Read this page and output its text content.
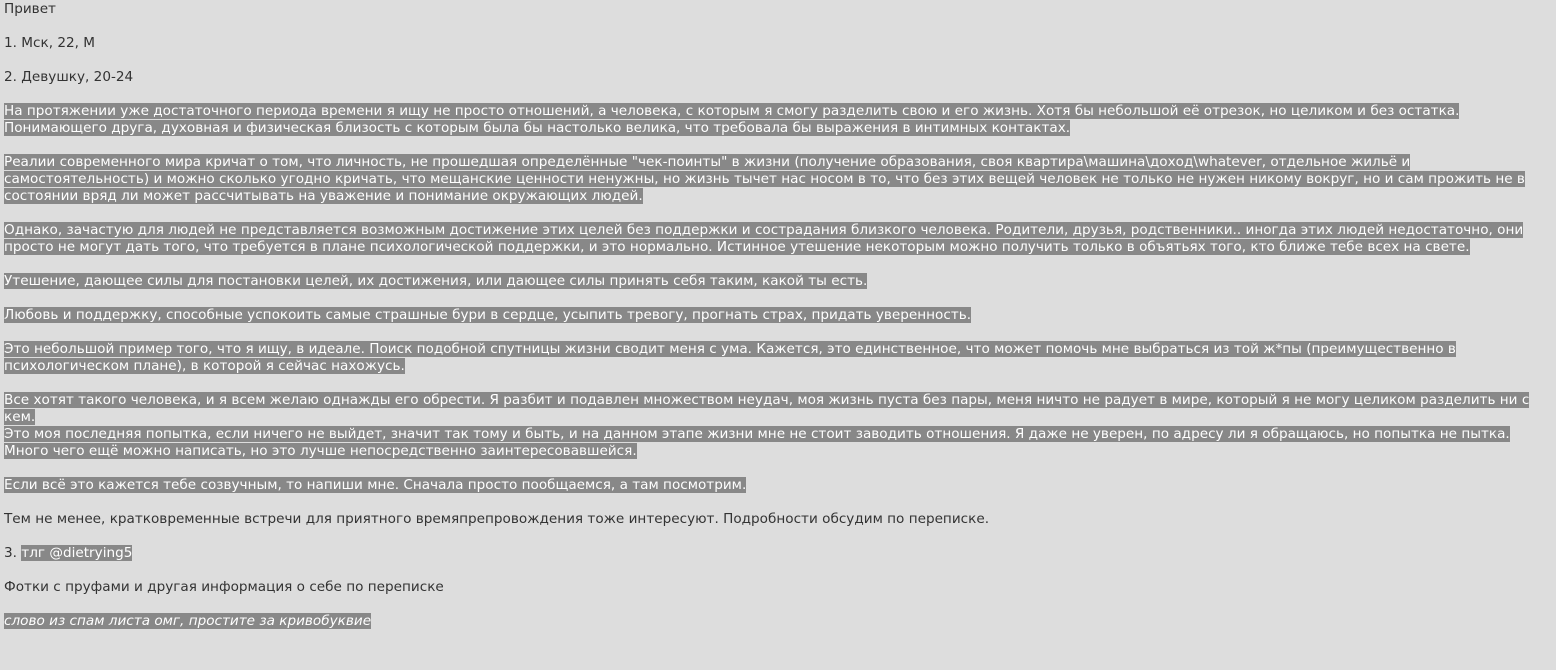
Привет

1. Мск, 22, М

2. Девушку, 20-24

На протяжении уже достаточного периода времени я ищу не просто отношений, а человека, с которым я смогу разделить свою и его жизнь. Хотя бы небольшой её отрезок, но целиком и без остатка. Понимающего друга, духовная и физическая близость с которым была бы настолько велика, что требовала бы выражения в интимных контактах.

Реалии современного мира кричат о том, что личность, не прошедшая определённые "чек-поинты" в жизни (получение образования, своя квартира\машина\доход\whatever, отдельное жильё и самостоятельность) и можно сколько угодно кричать, что мещанские ценности ненужны, но жизнь тычет нас носом в то, что без этих вещей человек не только не нужен никому вокруг, но и сам прожить не в состоянии вряд ли может рассчитывать на уважение и понимание окружающих людей.

Однако, зачастую для людей не представляется возможным достижение этих целей без поддержки и сострадания близкого человека. Родители, друзья, родственники.. иногда этих людей недостаточно, они просто не могут дать того, что требуется в плане психологической поддержки, и это нормально. Истинное утешение некоторым можно получить только в объятьях того, кто ближе тебе всех на свете.

Утешение, дающее силы для постановки целей, их достижения, или дающее силы принять себя таким, какой ты есть.

Любовь и поддержку, способные успокоить самые страшные бури в сердце, усыпить тревогу, прогнать страх, придать уверенность.

Это небольшой пример того, что я ищу, в идеале. Поиск подобной спутницы жизни сводит меня с ума. Кажется, это единственное, что может помочь мне выбраться из той ж*пы (преимущественно в психологическом плане), в которой я сейчас нахожусь.

Все хотят такого человека, и я всем желаю однажды его обрести. Я разбит и подавлен множеством неудач, моя жизнь пуста без пары, меня ничто не радует в мире, который я не могу целиком разделить ни с кем.

Это моя последняя попытка, если ничего не выйдет, значит так тому и быть, и на данном этапе жизни мне не стоит заводить отношения. Я даже не уверен, по адресу ли я обращаюсь, но попытка не пытка.

Много чего ещё можно написать, но это лучше непосредственно заинтересовавшейся.

Если всё это кажется тебе созвучным, то напиши мне. Сначала просто пообщаемся, а там посмотрим.

Тем не менее, кратковременные встречи для приятного времяпрепровождения тоже интересуют. Подробности обсудим по переписке.

3. тлг @dietrying5

Фотки с пруфами и другая информация о себе по переписке

слово из спам листа омг, простите за кривобуквие
